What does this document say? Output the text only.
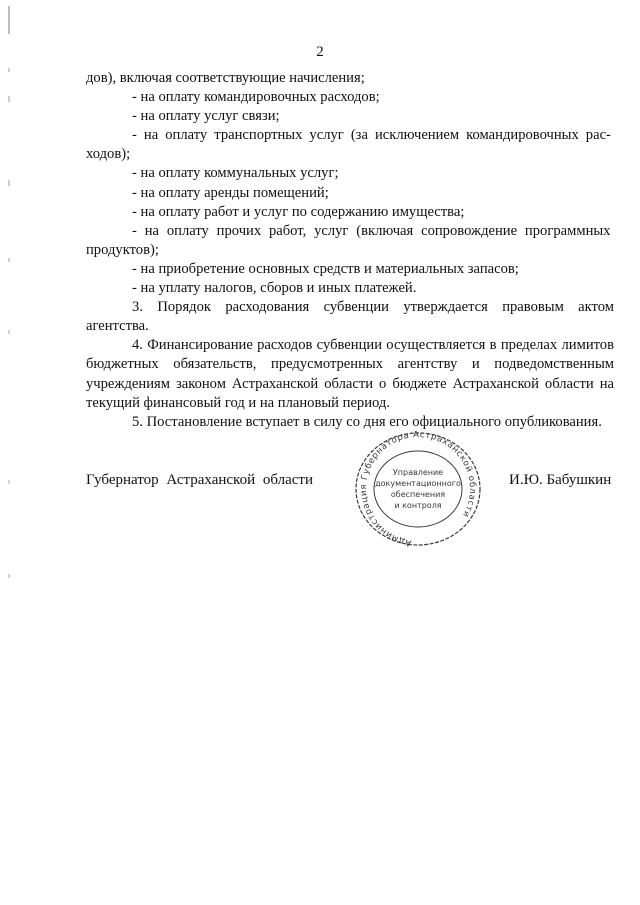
2
дов), включая соответствующие начисления;
- на оплату командировочных расходов;
- на оплату услуг связи;
- на оплату транспортных услуг (за исключением командировочных рас-
ходов);
- на оплату коммунальных услуг;
- на оплату аренды помещений;
- на оплату работ и услуг по содержанию имущества;
- на оплату прочих работ, услуг (включая сопровождение программных
продуктов);
- на приобретение основных средств и материальных запасов;
- на уплату налогов, сборов и иных платежей.

3. Порядок расходования субвенции утверждается правовым актом агентства.

4. Финансирование расходов субвенции осуществляется в пределах лимитов бюджетных обязательств, предусмотренных агентству и подведомственным учреждениям законом Астраханской области о бюджете Астраханской области на текущий финансовый год и на плановый период.

5. Постановление вступает в силу со дня его официального опубликования.

Губернатор Астраханской области
Администрация Губернатора Астраханской области
Управление
документационного
обеспечения
и контроля
И.Ю. Бабушкин
